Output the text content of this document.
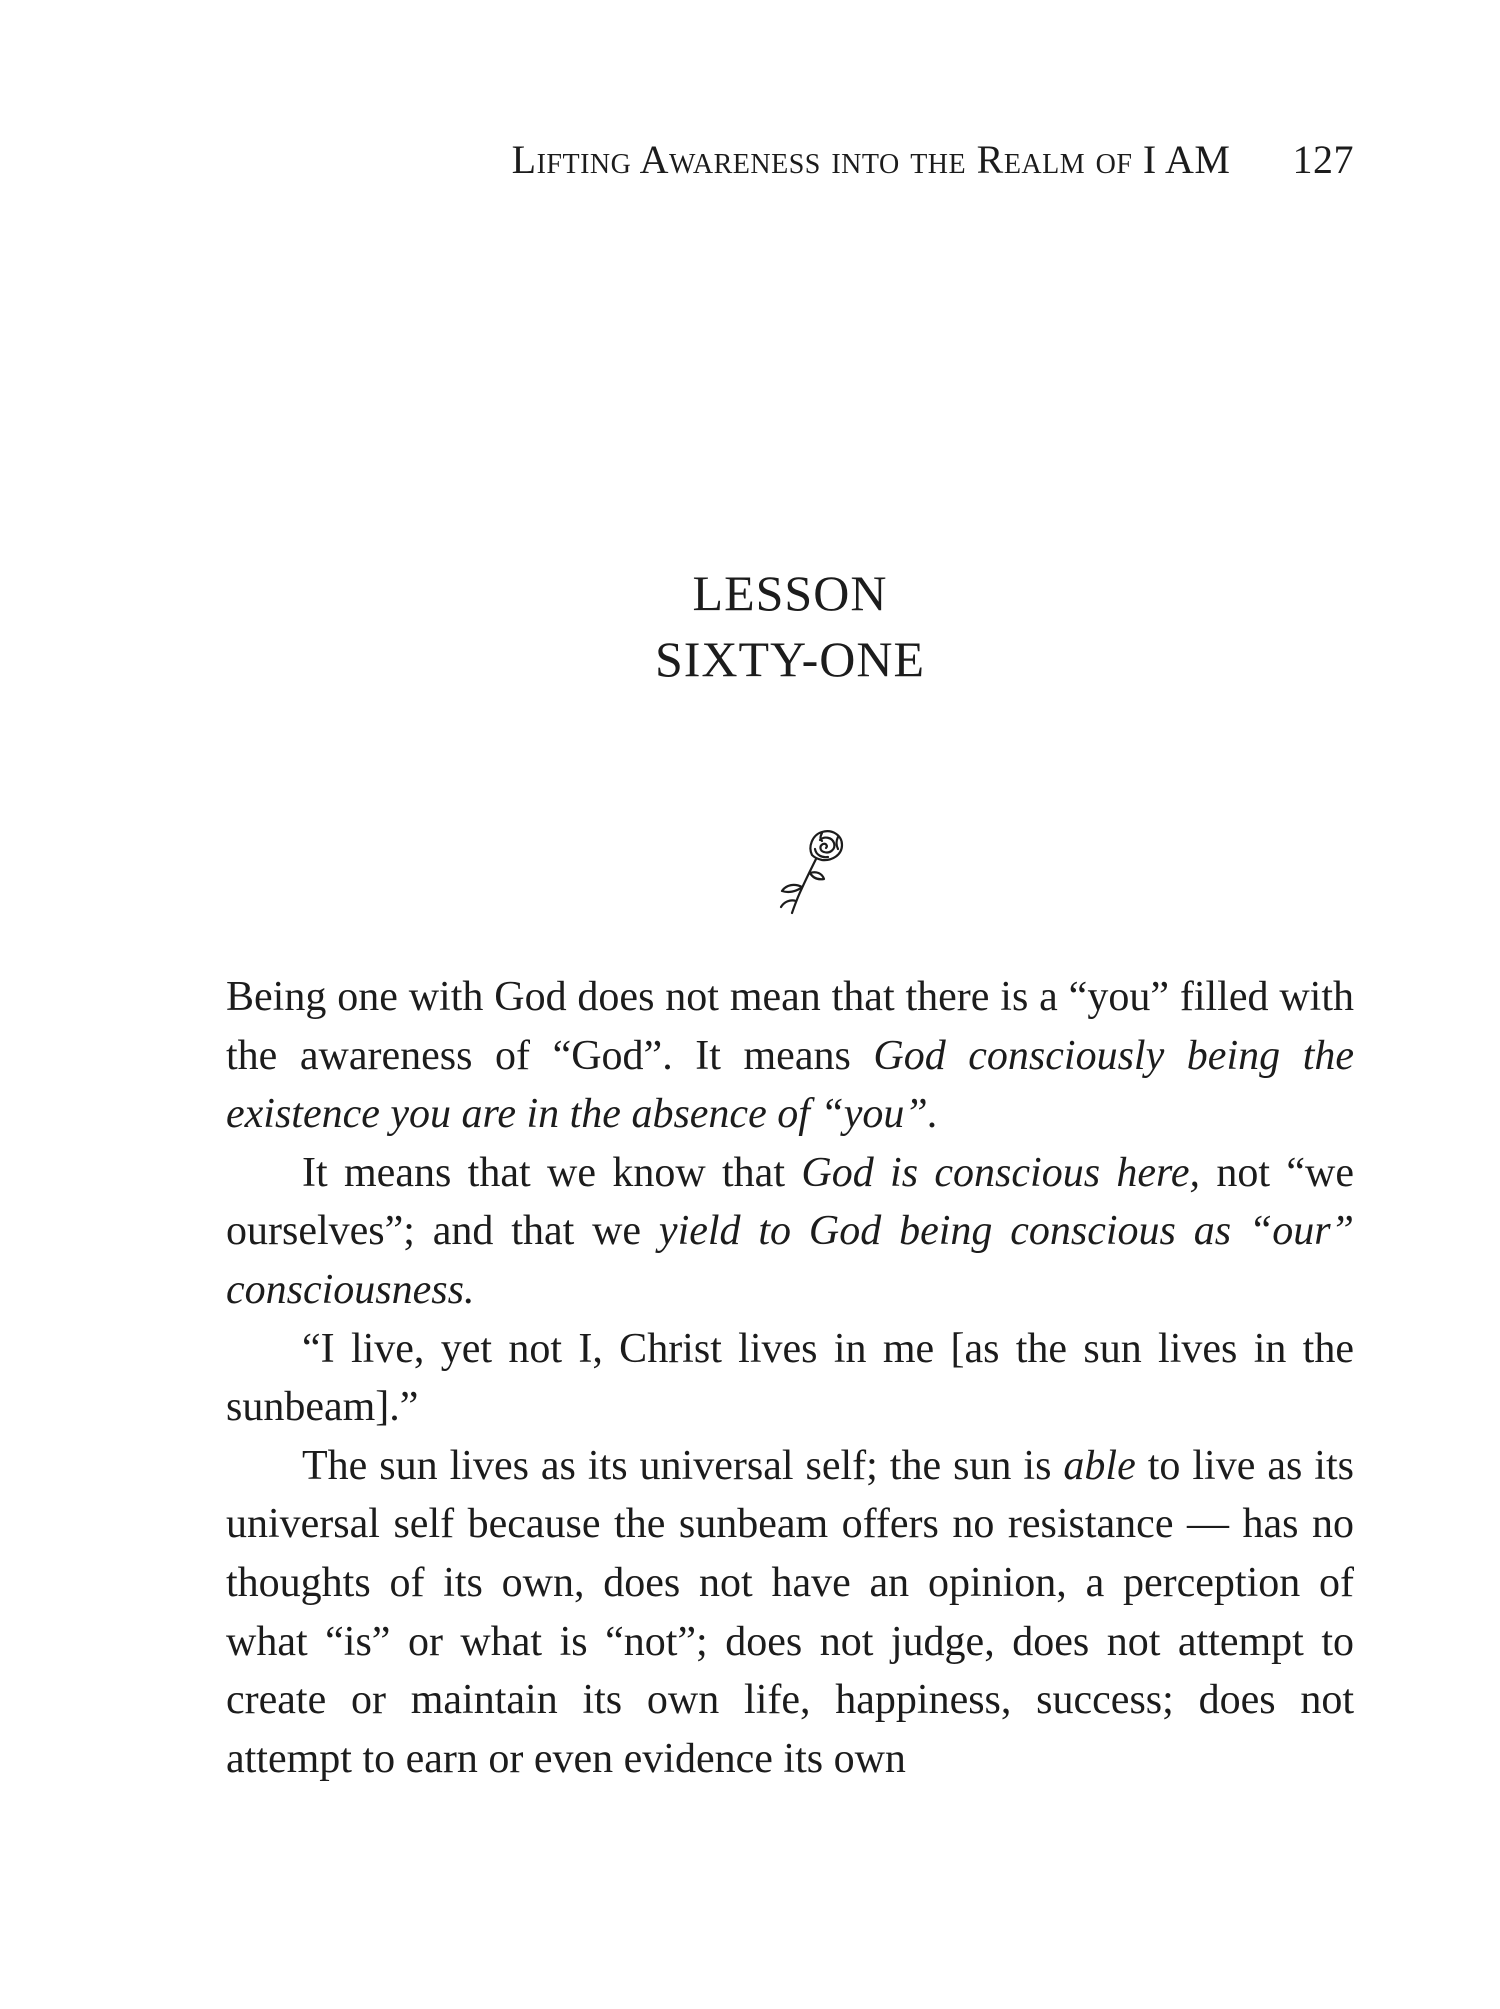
Lifting Awareness into the Realm of I AM 127
LESSON
SIXTY-ONE

Being one with God does not mean that there is a “you” filled with the awareness of “God”. It means God consciously being the existence you are in the absence of “you”.

It means that we know that God is conscious here, not “we ourselves”; and that we yield to God being conscious as “our” consciousness.

“I live, yet not I, Christ lives in me [as the sun lives in the sunbeam].”

The sun lives as its universal self; the sun is able to live as its universal self because the sunbeam offers no resistance — has no thoughts of its own, does not have an opinion, a perception of what “is” or what is “not”; does not judge, does not attempt to create or maintain its own life, happiness, success; does not attempt to earn or even evidence its own
